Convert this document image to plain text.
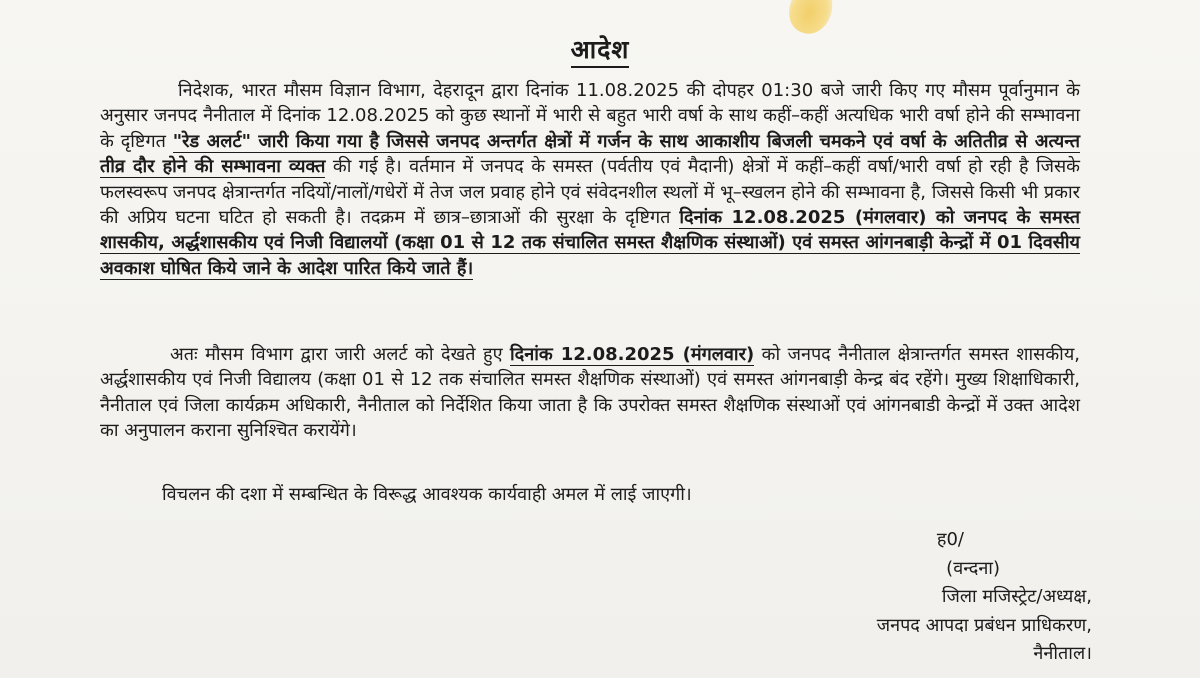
आदेश
निदेशक, भारत मौसम विज्ञान विभाग, देहरादून द्वारा दिनांक 11.08.2025 की दोपहर 01:30 बजे जारी किए गए मौसम पूर्वानुमान के अनुसार जनपद नैनीताल में दिनांक 12.08.2025 को कुछ स्थानों में भारी से बहुत भारी वर्षा के साथ कहीं–कहीं अत्यधिक भारी वर्षा होने की सम्भावना के दृष्टिगत "रेड अलर्ट" जारी किया गया है जिससे जनपद अन्तर्गत क्षेत्रों में गर्जन के साथ आकाशीय बिजली चमकने एवं वर्षा के अतितीव्र से अत्यन्त तीव्र दौर होने की सम्भावना व्यक्त की गई है। वर्तमान में जनपद के समस्त (पर्वतीय एवं मैदानी) क्षेत्रों में कहीं–कहीं वर्षा/भारी वर्षा हो रही है जिसके फलस्वरूप जनपद क्षेत्रान्तर्गत नदियों/नालों/गधेरों में तेज जल प्रवाह होने एवं संवेदनशील स्थलों में भू–स्खलन होने की सम्भावना है, जिससे किसी भी प्रकार की अप्रिय घटना घटित हो सकती है। तदक्रम में छात्र–छात्राओं की सुरक्षा के दृष्टिगत दिनांक 12.08.2025 (मंगलवार) को जनपद के समस्त शासकीय, अर्द्धशासकीय एवं निजी विद्यालयों (कक्षा 01 से 12 तक संचालित समस्त शैक्षणिक संस्थाओं) एवं समस्त आंगनबाड़ी केन्द्रों में 01 दिवसीय अवकाश घोषित किये जाने के आदेश पारित किये जाते हैं।
अतः मौसम विभाग द्वारा जारी अलर्ट को देखते हुए दिनांक 12.08.2025 (मंगलवार) को जनपद नैनीताल क्षेत्रान्तर्गत समस्त शासकीय, अर्द्धशासकीय एवं निजी विद्यालय (कक्षा 01 से 12 तक संचालित समस्त शैक्षणिक संस्थाओं) एवं समस्त आंगनबाड़ी केन्द्र बंद रहेंगे। मुख्य शिक्षाधिकारी, नैनीताल एवं जिला कार्यक्रम अधिकारी, नैनीताल को निर्देशित किया जाता है कि उपरोक्त समस्त शैक्षणिक संस्थाओं एवं आंगनबाडी केन्द्रों में उक्त आदेश का अनुपालन कराना सुनिश्चित करायेंगे।
विचलन की दशा में सम्बन्धित के विरूद्ध आवश्यक कार्यवाही अमल में लाई जाएगी।
ह0/
(वन्दना)
जिला मजिस्ट्रेट/अध्यक्ष,
जनपद आपदा प्रबंधन प्राधिकरण,
नैनीताल।
